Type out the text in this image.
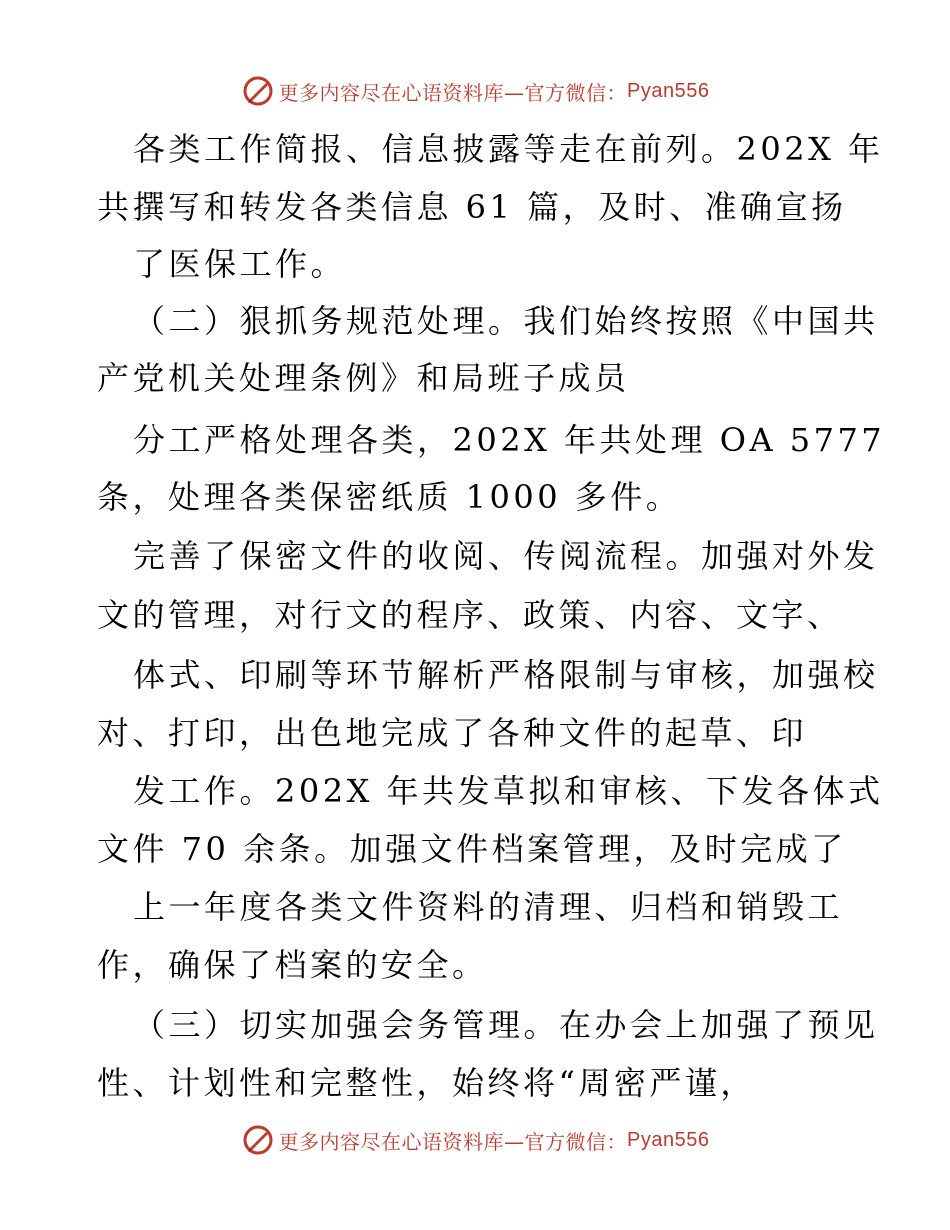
更多内容尽在心语资料库—官方微信： Pyan556
各类工作简报、信息披露等走在前列。202X 年
共撰写和转发各类信息 61 篇，及时、准确宣扬
了医保工作。
（二）狠抓务规范处理。我们始终按照《中国共
产党机关处理条例》和局班子成员
分工严格处理各类，202X 年共处理 OA 5777
条，处理各类保密纸质 1000 多件。
完善了保密文件的收阅、传阅流程。加强对外发
文的管理，对行文的程序、政策、内容、文字、
体式、印刷等环节解析严格限制与审核，加强校
对、打印，出色地完成了各种文件的起草、印
发工作。202X 年共发草拟和审核、下发各体式
文件 70 余条。加强文件档案管理，及时完成了
上一年度各类文件资料的清理、归档和销毁工
作，确保了档案的安全。
（三）切实加强会务管理。在办会上加强了预见
性、计划性和完整性，始终将“周密严谨，
更多内容尽在心语资料库—官方微信： Pyan556
